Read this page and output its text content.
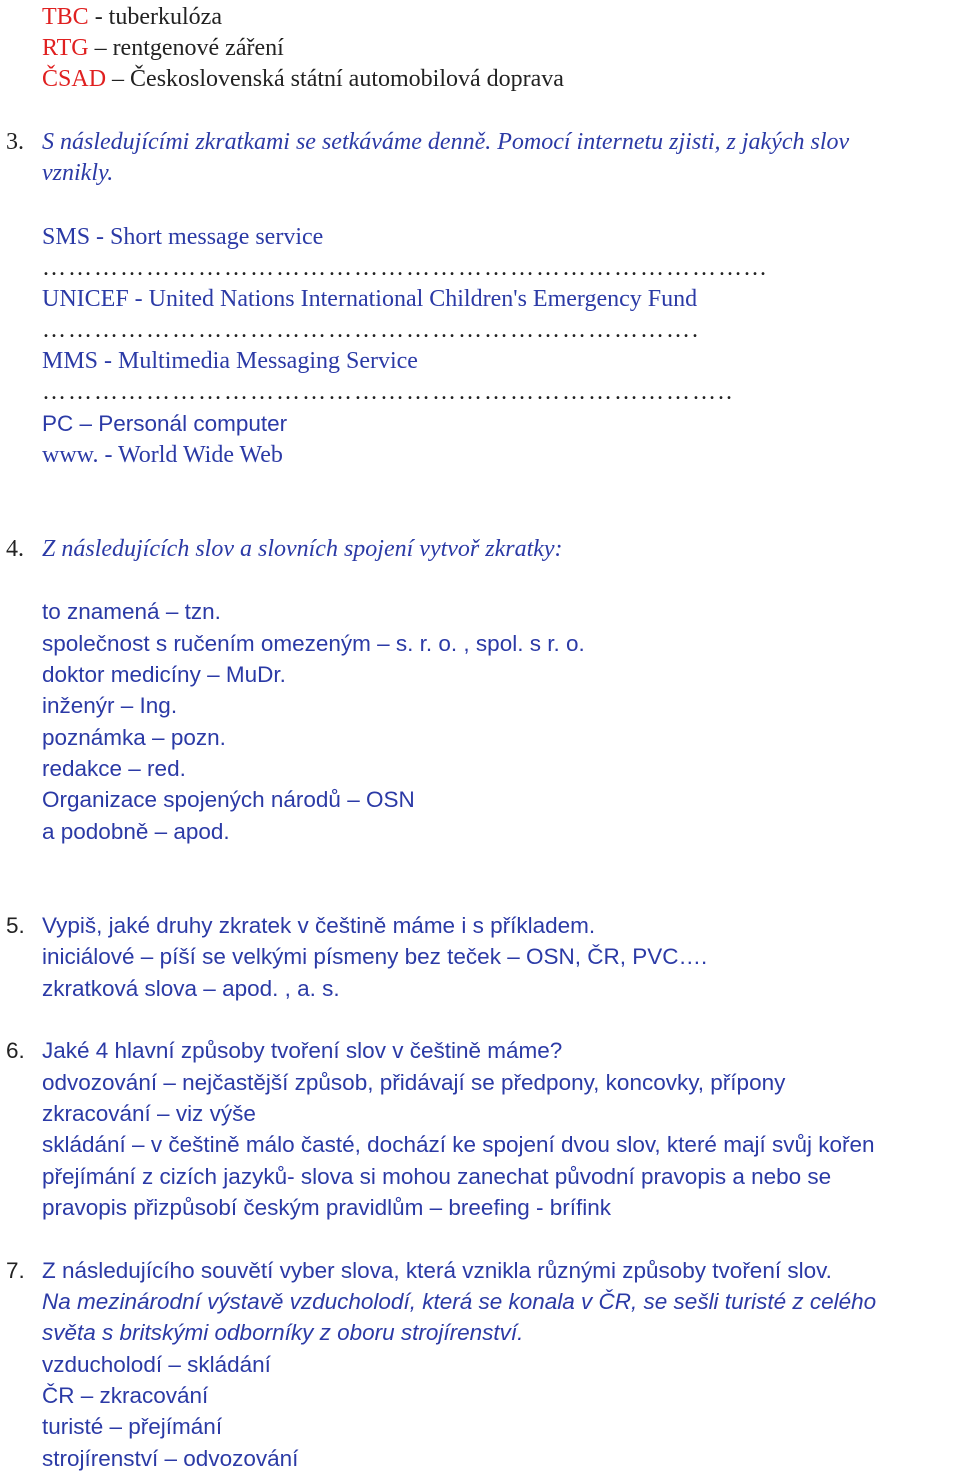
TBC - tuberkulóza
RTG – rentgenové záření
ČSAD – Československá státní automobilová doprava
3. S následujícími zkratkami se setkáváme denně. Pomocí internetu zjisti, z jakých slov
vznikly.
SMS - Short message service
………………………………………………………………………...
UNICEF - United Nations International Children's Emergency Fund
………………………………………………………………….
MMS - Multimedia Messaging Service
……………………………………………………………………..
PC – Personál computer
www. - World Wide Web
4. Z následujících slov a slovních spojení vytvoř zkratky:
to znamená – tzn.
společnost s ručením omezeným – s. r. o. , spol. s r. o.
doktor medicíny – MuDr.
inženýr – Ing.
poznámka – pozn.
redakce – red.
Organizace spojených národů – OSN
a podobně – apod.
5. Vypiš, jaké druhy zkratek v češtině máme i s příkladem.
iniciálové – píší se velkými písmeny bez teček – OSN, ČR, PVC….
zkratková slova – apod. , a. s.
6. Jaké 4 hlavní způsoby tvoření slov v češtině máme?
odvozování – nejčastější způsob, přidávají se předpony, koncovky, přípony
zkracování – viz výše
skládání – v češtině málo časté, dochází ke spojení dvou slov, které mají svůj kořen
přejímání z cizích jazyků- slova si mohou zanechat původní pravopis a nebo se
pravopis přizpůsobí českým pravidlům – breefing - brífink
7. Z následujícího souvětí vyber slova, která vznikla různými způsoby tvoření slov.
Na mezinárodní výstavě vzducholodí, která se konala v ČR, se sešli turisté z celého
světa s britskými odborníky z oboru strojírenství.
vzducholodí – skládání
ČR – zkracování
turisté – přejímání
strojírenství – odvozování
